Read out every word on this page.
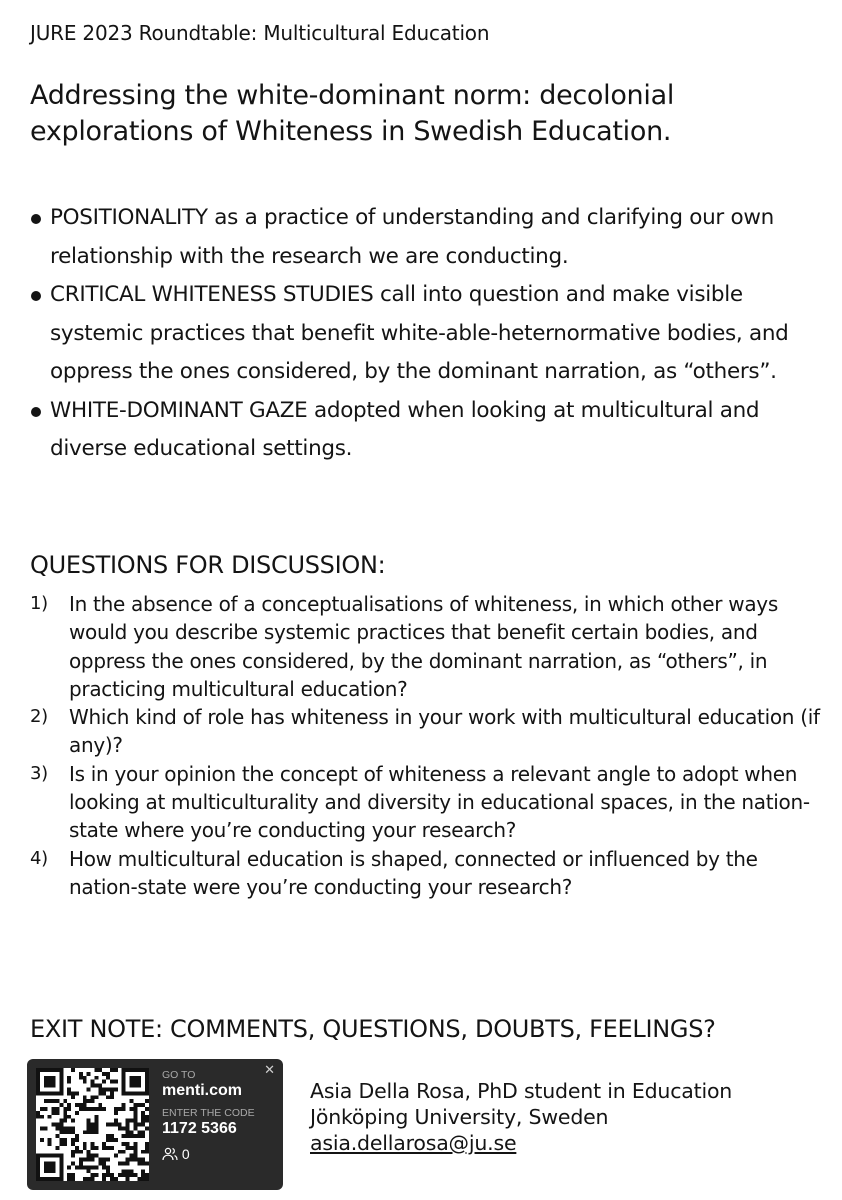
JURE 2023 Roundtable: Multicultural Education
Addressing the white-dominant norm: decolonial
explorations of Whiteness in Swedish Education.
POSITIONALITY as a practice of understanding and clarifying our own relationship with the research we are conducting.
CRITICAL WHITENESS STUDIES call into question and make visible systemic practices that benefit white-able-heternormative bodies, and oppress the ones considered, by the dominant narration, as “others”.
WHITE-DOMINANT GAZE adopted when looking at multicultural and diverse educational settings.
QUESTIONS FOR DISCUSSION:
1) In the absence of a conceptualisations of whiteness, in which other ways would you describe systemic practices that benefit certain bodies, and oppress the ones considered, by the dominant narration, as “others”, in practicing multicultural education?
2) Which kind of role has whiteness in your work with multicultural education (if any)?
3) Is in your opinion the concept of whiteness a relevant angle to adopt when looking at multiculturality and diversity in educational spaces, in the nation-state where you’re conducting your research?
4) How multicultural education is shaped, connected or influenced by the nation-state were you’re conducting your research?
EXIT NOTE: COMMENTS, QUESTIONS, DOUBTS, FEELINGS?
GO TO
menti.com
ENTER THE CODE
1172 5366
0
✕
Asia Della Rosa, PhD student in Education
Jönköping University, Sweden
asia.dellarosa@ju.se
